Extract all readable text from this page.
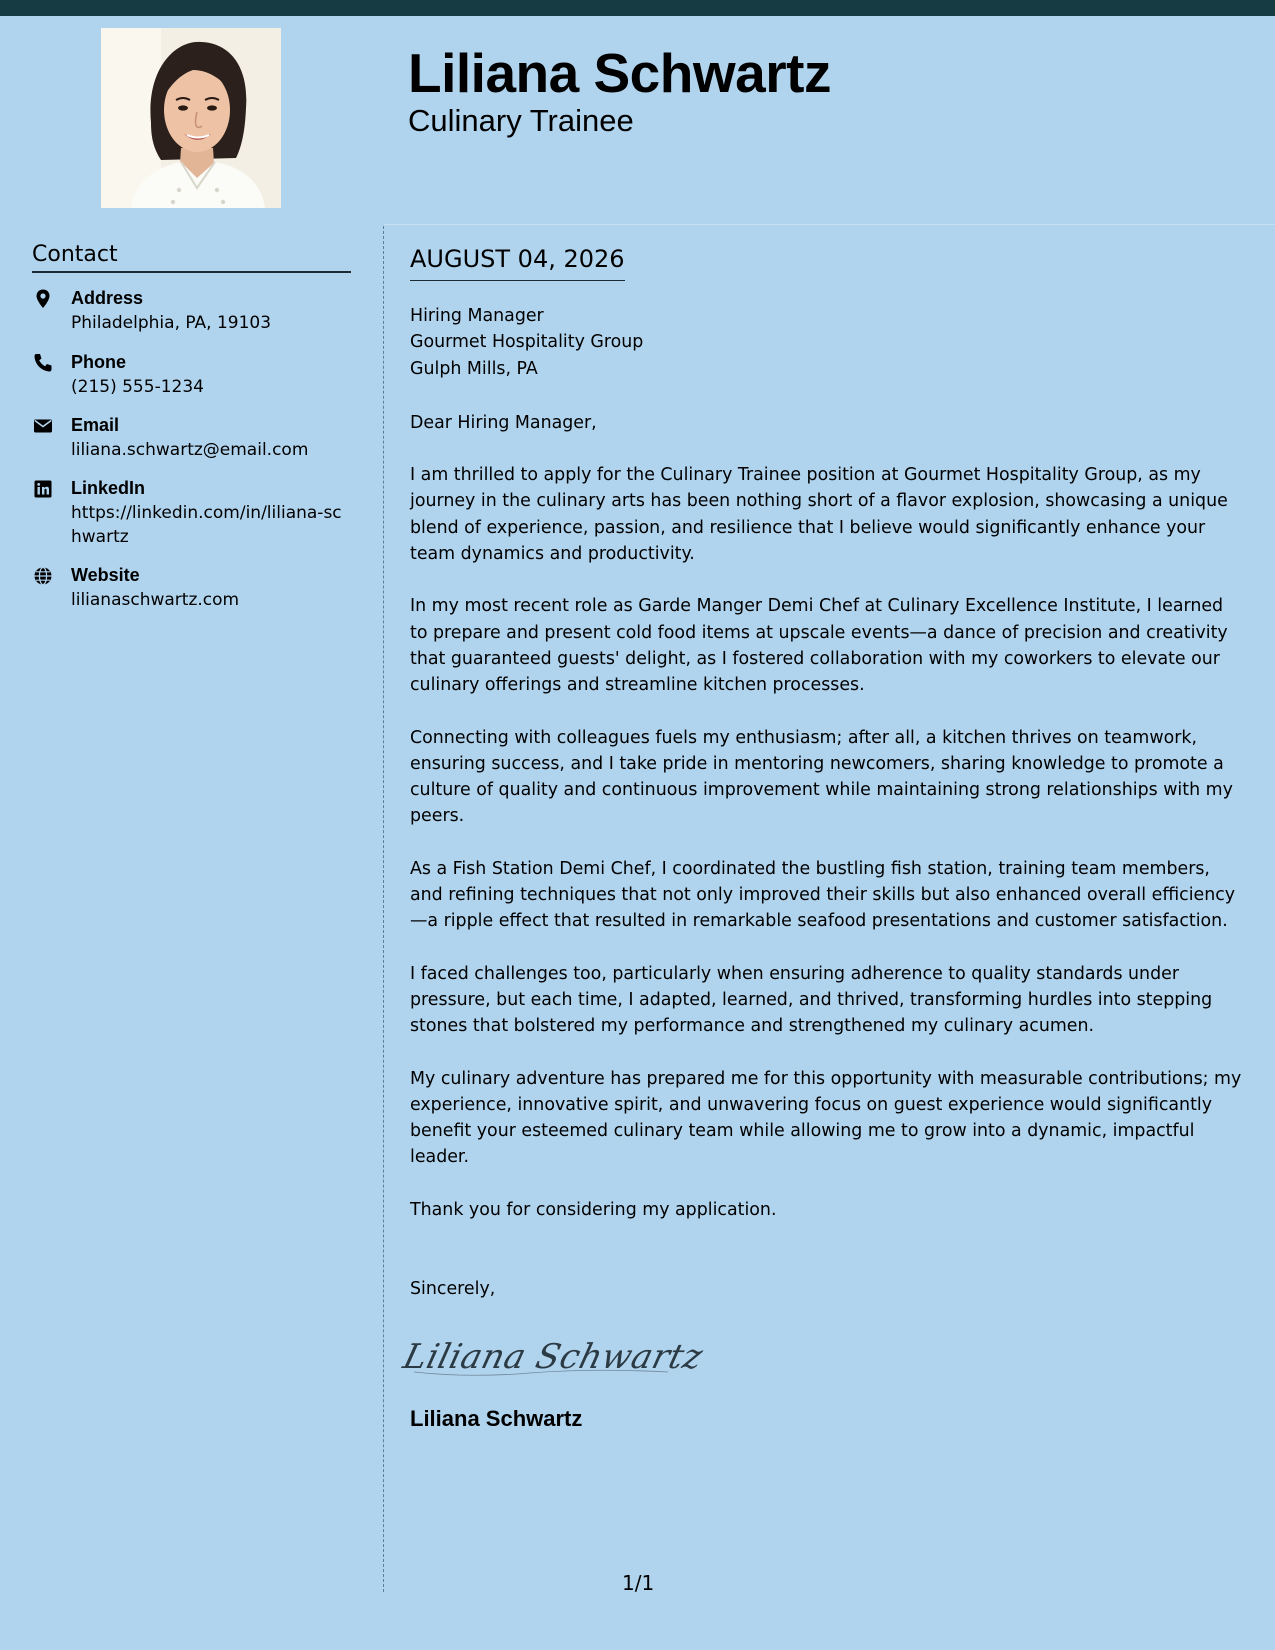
Liliana Schwartz
Culinary Trainee
Contact
Address
Philadelphia, PA, 19103
Phone
(215) 555-1234
Email
liliana.schwartz@email.com
LinkedIn
https://linkedin.com/in/liliana-schwartz
Website
lilianaschwartz.com
AUGUST 04, 2026
Hiring Manager
Gourmet Hospitality Group
Gulph Mills, PA
Dear Hiring Manager,
I am thrilled to apply for the Culinary Trainee position at Gourmet Hospitality Group, as my journey in the culinary arts has been nothing short of a flavor explosion, showcasing a unique blend of experience, passion, and resilience that I believe would significantly enhance your team dynamics and productivity.
In my most recent role as Garde Manger Demi Chef at Culinary Excellence Institute, I learned to prepare and present cold food items at upscale events—a dance of precision and creativity that guaranteed guests' delight, as I fostered collaboration with my coworkers to elevate our culinary offerings and streamline kitchen processes.
Connecting with colleagues fuels my enthusiasm; after all, a kitchen thrives on teamwork, ensuring success, and I take pride in mentoring newcomers, sharing knowledge to promote a culture of quality and continuous improvement while maintaining strong relationships with my peers.
As a Fish Station Demi Chef, I coordinated the bustling fish station, training team members, and refining techniques that not only improved their skills but also enhanced overall efficiency—a ripple effect that resulted in remarkable seafood presentations and customer satisfaction.
I faced challenges too, particularly when ensuring adherence to quality standards under pressure, but each time, I adapted, learned, and thrived, transforming hurdles into stepping stones that bolstered my performance and strengthened my culinary acumen.
My culinary adventure has prepared me for this opportunity with measurable contributions; my experience, innovative spirit, and unwavering focus on guest experience would significantly benefit your esteemed culinary team while allowing me to grow into a dynamic, impactful leader.
Thank you for considering my application.
Sincerely,
Liliana Schwartz
Liliana Schwartz
1/1
